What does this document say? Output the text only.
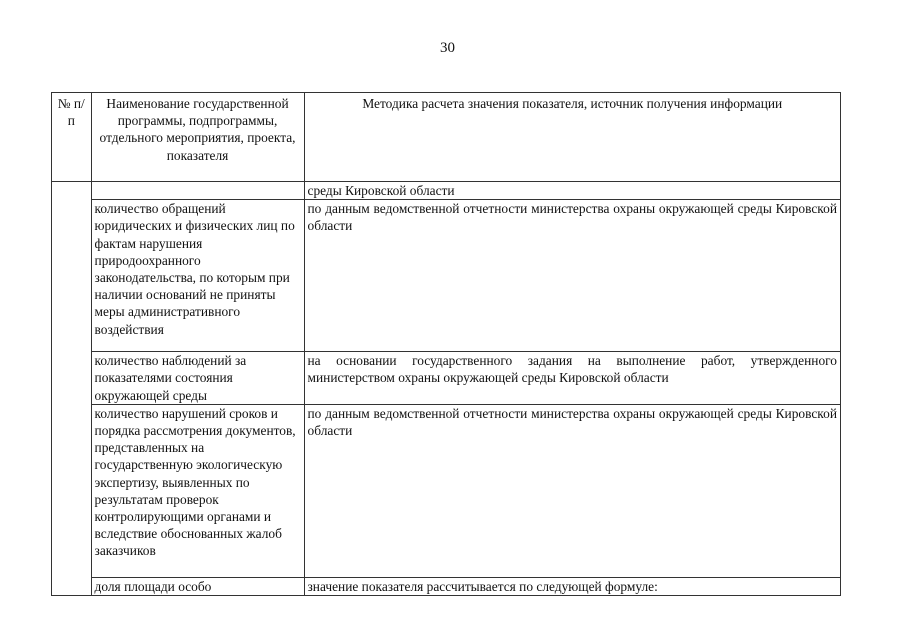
30
№ п/п	Наименование государственной программы, подпрограммы, отдельного мероприятия, проекта, показателя	Методика расчета значения показателя, источник получения информации
		среды Кировской области
	количество обращений юридических и физических лиц по фактам нарушения природоохранного законодательства, по которым при наличии оснований не приняты меры административного воздействия	по данным ведомственной отчетности министерства охраны окружающей среды Кировской области
	количество наблюдений за показателями состояния окружающей среды	на основании государственного задания на выполнение работ, утвержденного министерством охраны окружающей среды Кировской области
	количество нарушений сроков и порядка рассмотрения документов, представленных на государственную экологическую экспертизу, выявленных по результатам проверок контролирующими органами и вследствие обоснованных жалоб заказчиков	по данным ведомственной отчетности министерства охраны окружающей среды Кировской области
	доля площади особо	значение показателя рассчитывается по следующей формуле:
